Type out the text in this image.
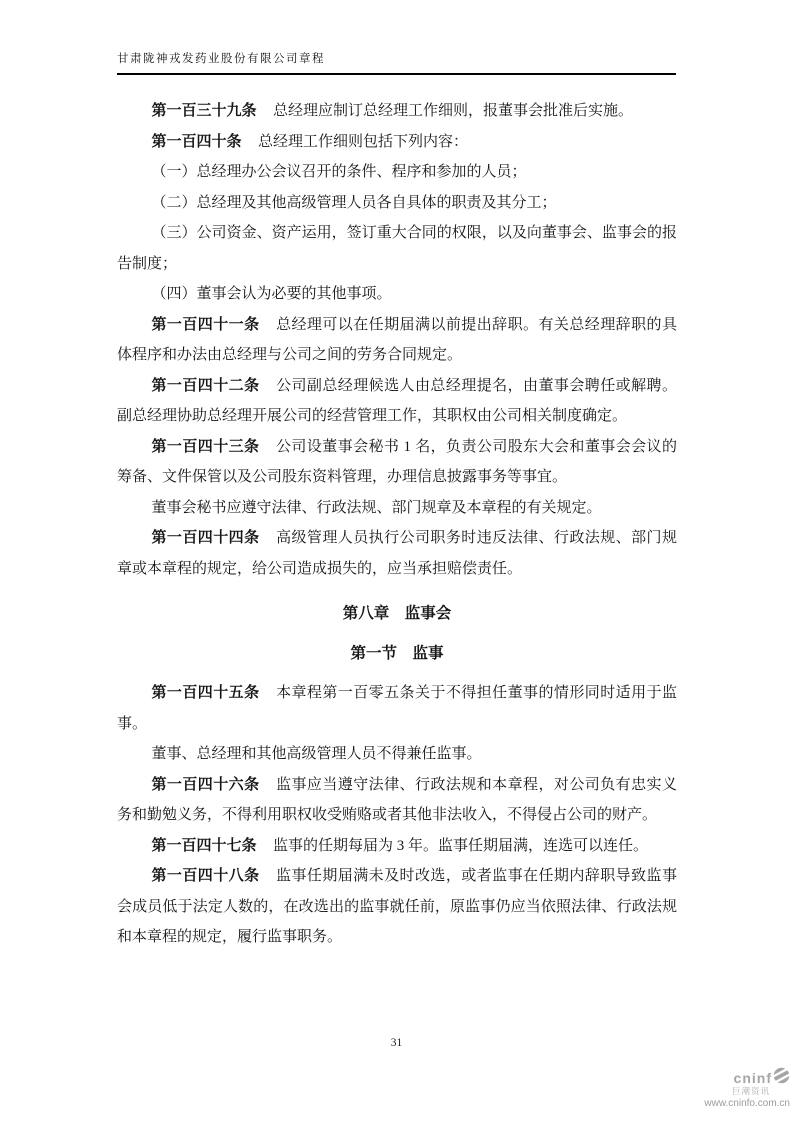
甘肃陇神戎发药业股份有限公司章程

第一百三十九条 总经理应制订总经理工作细则，报董事会批准后实施。

第一百四十条 总经理工作细则包括下列内容：

（一）总经理办公会议召开的条件、程序和参加的人员；

（二）总经理及其他高级管理人员各自具体的职责及其分工；

（三）公司资金、资产运用，签订重大合同的权限，以及向董事会、监事会的报告制度；

（四）董事会认为必要的其他事项。

第一百四十一条 总经理可以在任期届满以前提出辞职。有关总经理辞职的具体程序和办法由总经理与公司之间的劳务合同规定。

第一百四十二条 公司副总经理候选人由总经理提名，由董事会聘任或解聘。副总经理协助总经理开展公司的经营管理工作，其职权由公司相关制度确定。

第一百四十三条 公司设董事会秘书 1 名，负责公司股东大会和董事会会议的筹备、文件保管以及公司股东资料管理，办理信息披露事务等事宜。

董事会秘书应遵守法律、行政法规、部门规章及本章程的有关规定。

第一百四十四条 高级管理人员执行公司职务时违反法律、行政法规、部门规章或本章程的规定，给公司造成损失的，应当承担赔偿责任。

第八章　监事会

第一节　监事

第一百四十五条 本章程第一百零五条关于不得担任董事的情形同时适用于监事。

董事、总经理和其他高级管理人员不得兼任监事。

第一百四十六条 监事应当遵守法律、行政法规和本章程，对公司负有忠实义务和勤勉义务，不得利用职权收受贿赂或者其他非法收入，不得侵占公司的财产。

第一百四十七条 监事的任期每届为 3 年。监事任期届满，连选可以连任。

第一百四十八条 监事任期届满未及时改选，或者监事在任期内辞职导致监事会成员低于法定人数的，在改选出的监事就任前，原监事仍应当依照法律、行政法规和本章程的规定，履行监事职务。

31
cninf
巨潮资讯
www.cninfo.com.cn
